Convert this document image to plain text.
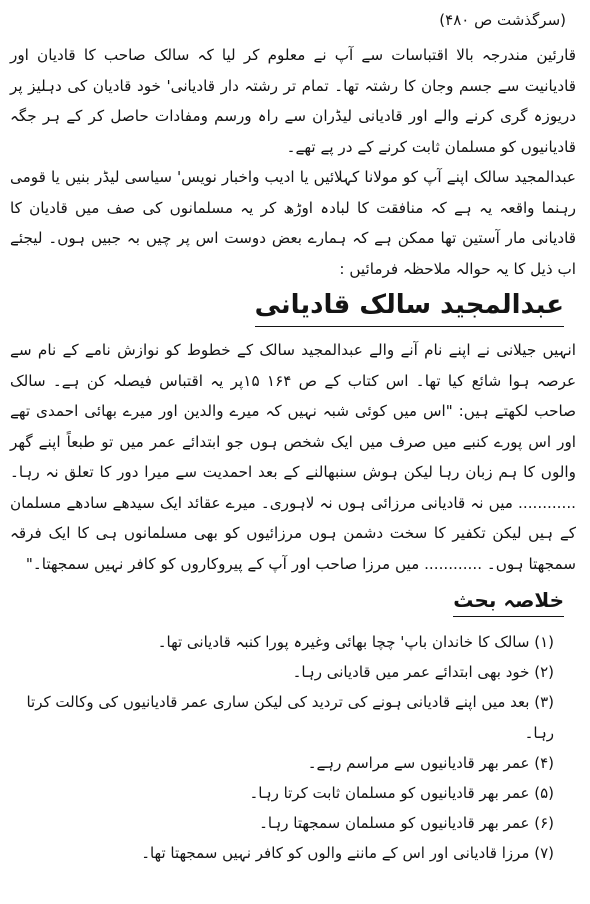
(سرگذشت ص ۴۸۰)

قارئین مندرجہ بالا اقتباسات سے آپ نے معلوم کر لیا کہ سالک صاحب کا قادیان اور قادیانیت سے جسم وجان کا رشتہ تھا۔ تمام تر رشتہ دار قادیانی' خود قادیان کی دہلیز پر دریوزہ گری کرنے والے اور قادیانی لیڈران سے راہ ورسم ومفادات حاصل کر کے ہر جگہ قادیانیوں کو مسلمان ثابت کرنے کے در پے تھے۔

عبدالمجید سالک اپنے آپ کو مولانا کہلائیں یا ادیب واخبار نویس' سیاسی لیڈر بنیں یا قومی رہنما واقعہ یہ ہے کہ منافقت کا لبادہ اوڑھ کر یہ مسلمانوں کی صف میں قادیان کا قادیانی مار آستین تھا ممکن ہے کہ ہمارے بعض دوست اس پر چیں بہ جبیں ہوں۔ لیجئے اب ذیل کا یہ حوالہ ملاحظہ فرمائیں :

عبدالمجید سالک قادیانی
انہیں جیلانی نے اپنے نام آنے والے عبدالمجید سالک کے خطوط کو نوازش نامے کے نام سے عرصہ ہوا شائع کیا تھا۔ اس کتاب کے ص ۱۶۴ ۱۵پر یہ اقتباس فیصلہ کن ہے۔ سالک صاحب لکھتے ہیں: "اس میں کوئی شبہ نہیں کہ میرے والدین اور میرے بھائی احمدی تھے اور اس پورے کنبے میں صرف میں ایک شخص ہوں جو ابتدائے عمر میں تو طبعاً اپنے گھر والوں کا ہم زبان رہا لیکن ہوش سنبھالنے کے بعد احمدیت سے میرا دور کا تعلق نہ رہا۔ ............ میں نہ قادیانی مرزائی ہوں نہ لاہوری۔ میرے عقائد ایک سیدھے سادھے مسلمان کے ہیں لیکن تکفیر کا سخت دشمن ہوں مرزائیوں کو بھی مسلمانوں ہی کا ایک فرقہ سمجھتا ہوں۔ ............ میں مرزا صاحب اور آپ کے پیروکاروں کو کافر نہیں سمجھتا۔"
خلاصہ بحث
(۱) سالک کا خاندان باپ' چچا بھائی وغیرہ پورا کنبہ قادیانی تھا۔
(۲) خود بھی ابتدائے عمر میں قادیانی رہا۔
(۳) بعد میں اپنے قادیانی ہونے کی تردید کی لیکن ساری عمر قادیانیوں کی وکالت کرتا رہا۔
(۴) عمر بھر قادیانیوں سے مراسم رہے۔
(۵) عمر بھر قادیانیوں کو مسلمان ثابت کرتا رہا۔
(۶) عمر بھر قادیانیوں کو مسلمان سمجھتا رہا۔
(۷) مرزا قادیانی اور اس کے ماننے والوں کو کافر نہیں سمجھتا تھا۔
